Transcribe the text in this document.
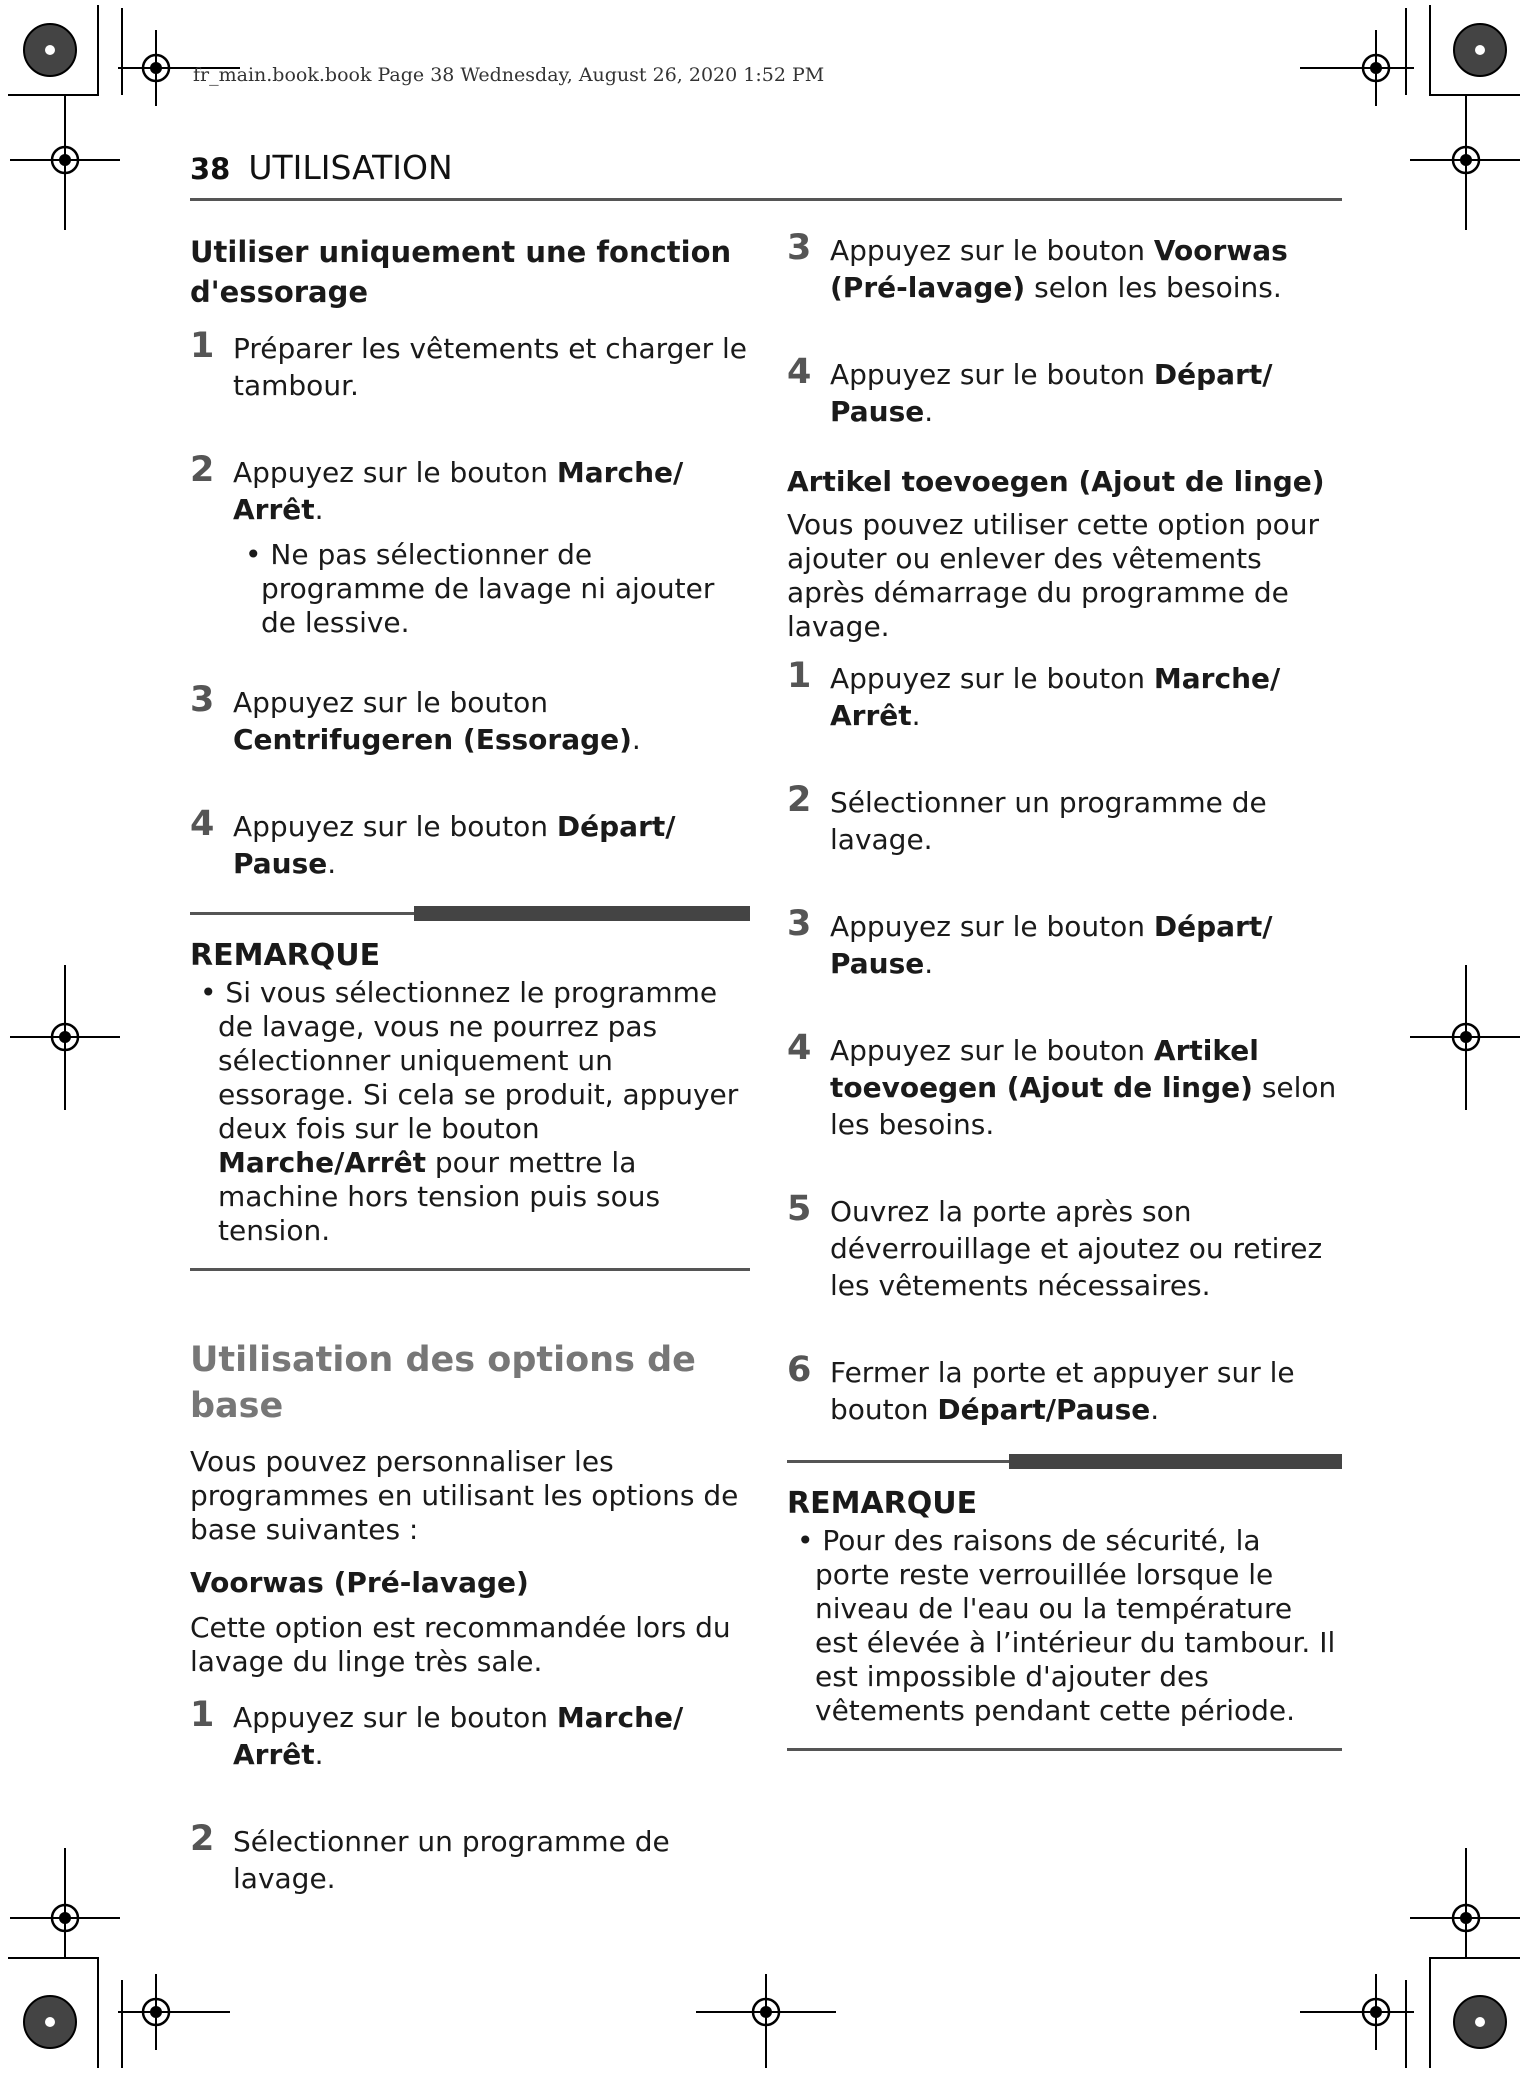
fr_main.book.book Page 38 Wednesday, August 26, 2020 1:52 PM
38 UTILISATION
Utiliser uniquement une fonction d'essorage
1 Préparer les vêtements et charger le tambour.
2 Appuyez sur le bouton Marche/ Arrêt.
• Ne pas sélectionner de programme de lavage ni ajouter de lessive.
3 Appuyez sur le bouton Centrifugeren (Essorage).
4 Appuyez sur le bouton Départ/ Pause.
REMARQUE
• Si vous sélectionnez le programme de lavage, vous ne pourrez pas sélectionner uniquement un essorage. Si cela se produit, appuyer deux fois sur le bouton Marche/Arrêt pour mettre la machine hors tension puis sous tension.
Utilisation des options de base
Vous pouvez personnaliser les programmes en utilisant les options de base suivantes :
Voorwas (Pré-lavage)
Cette option est recommandée lors du lavage du linge très sale.
1 Appuyez sur le bouton Marche/ Arrêt.
2 Sélectionner un programme de lavage.
3 Appuyez sur le bouton Voorwas (Pré-lavage) selon les besoins.
4 Appuyez sur le bouton Départ/ Pause.
Artikel toevoegen (Ajout de linge)
Vous pouvez utiliser cette option pour ajouter ou enlever des vêtements après démarrage du programme de lavage.
1 Appuyez sur le bouton Marche/ Arrêt.
2 Sélectionner un programme de lavage.
3 Appuyez sur le bouton Départ/ Pause.
4 Appuyez sur le bouton Artikel toevoegen (Ajout de linge) selon les besoins.
5 Ouvrez la porte après son déverrouillage et ajoutez ou retirez les vêtements nécessaires.
6 Fermer la porte et appuyer sur le bouton Départ/Pause.
REMARQUE
• Pour des raisons de sécurité, la porte reste verrouillée lorsque le niveau de l'eau ou la température est élevée à l’intérieur du tambour. Il est impossible d'ajouter des vêtements pendant cette période.
